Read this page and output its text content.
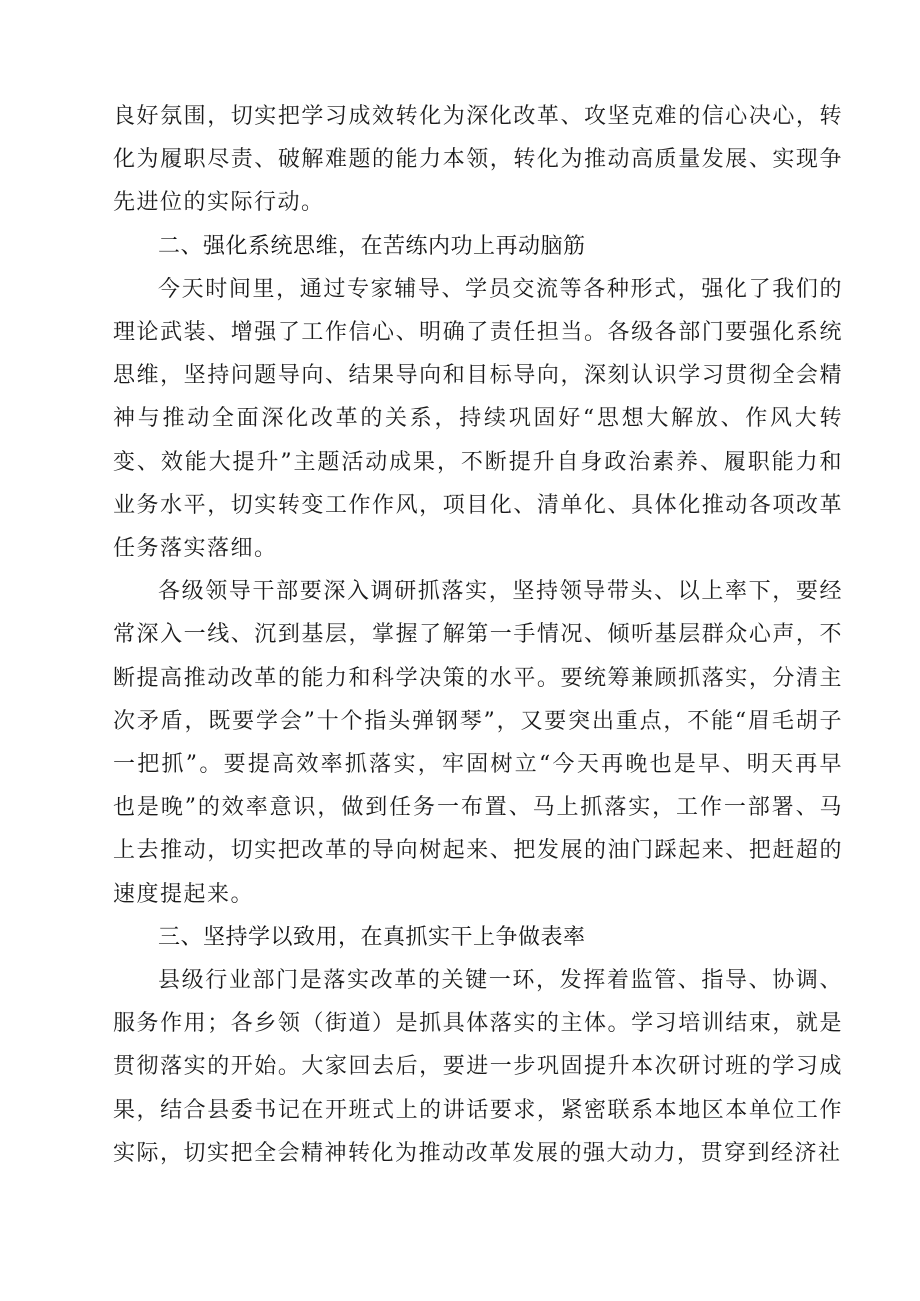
良好氛围，切实把学习成效转化为深化改革、攻坚克难的信心决心，转化为履职尽责、破解难题的能力本领，转化为推动高质量发展、实现争先进位的实际行动。

二、强化系统思维，在苦练内功上再动脑筋

今天时间里，通过专家辅导、学员交流等各种形式，强化了我们的理论武装、增强了工作信心、明确了责任担当。各级各部门要强化系统思维，坚持问题导向、结果导向和目标导向，深刻认识学习贯彻全会精神与推动全面深化改革的关系，持续巩固好“思想大解放、作风大转变、效能大提升”主题活动成果，不断提升自身政治素养、履职能力和业务水平，切实转变工作作风，项目化、清单化、具体化推动各项改革任务落实落细。

各级领导干部要深入调研抓落实，坚持领导带头、以上率下，要经常深入一线、沉到基层，掌握了解第一手情况、倾听基层群众心声，不断提高推动改革的能力和科学决策的水平。要统筹兼顾抓落实，分清主次矛盾，既要学会”十个指头弹钢琴”，又要突出重点，不能“眉毛胡子一把抓”。要提高效率抓落实，牢固树立“今天再晚也是早、明天再早也是晚”的效率意识，做到任务一布置、马上抓落实，工作一部署、马上去推动，切实把改革的导向树起来、把发展的油门踩起来、把赶超的速度提起来。

三、坚持学以致用，在真抓实干上争做表率

县级行业部门是落实改革的关键一环，发挥着监管、指导、协调、服务作用；各乡领（街道）是抓具体落实的主体。学习培训结束，就是贯彻落实的开始。大家回去后，要进一步巩固提升本次研讨班的学习成果，结合县委书记在开班式上的讲话要求，紧密联系本地区本单位工作实际，切实把全会精神转化为推动改革发展的强大动力，贯穿到经济社
